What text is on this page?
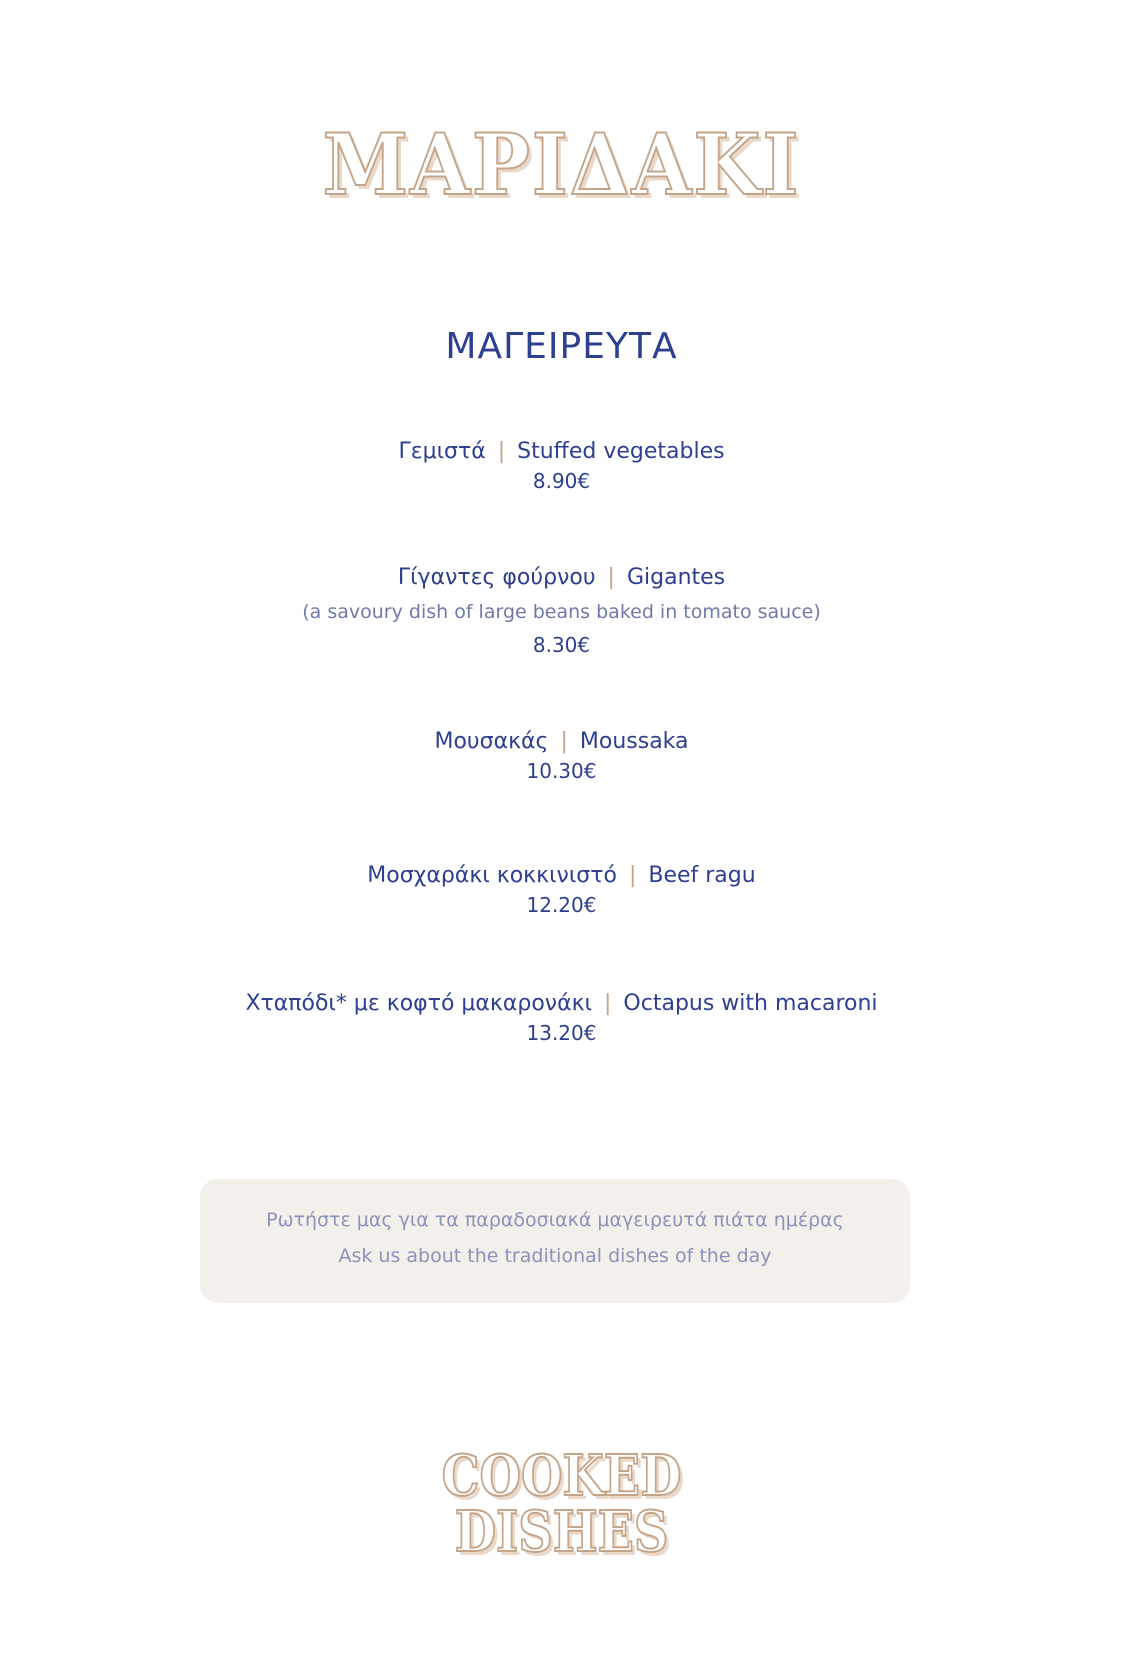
ΜΑΡΙΔΑΚΙ
ΜΑΓΕΙΡΕΥΤΑ
Γεμιστά | Stuffed vegetables
8.90€
Γίγαντες φούρνου | Gigantes
(a savoury dish of large beans baked in tomato sauce)
8.30€
Μουσακάς | Moussaka
10.30€
Μοσχαράκι κοκκινιστό | Beef ragu
12.20€
Χταπόδι* με κοφτό μακαρονάκι | Octapus with macaroni
13.20€
Ρωτήστε μας για τα παραδοσιακά μαγειρευτά πιάτα ημέρας
Ask us about the traditional dishes of the day
COOKED
DISHES
